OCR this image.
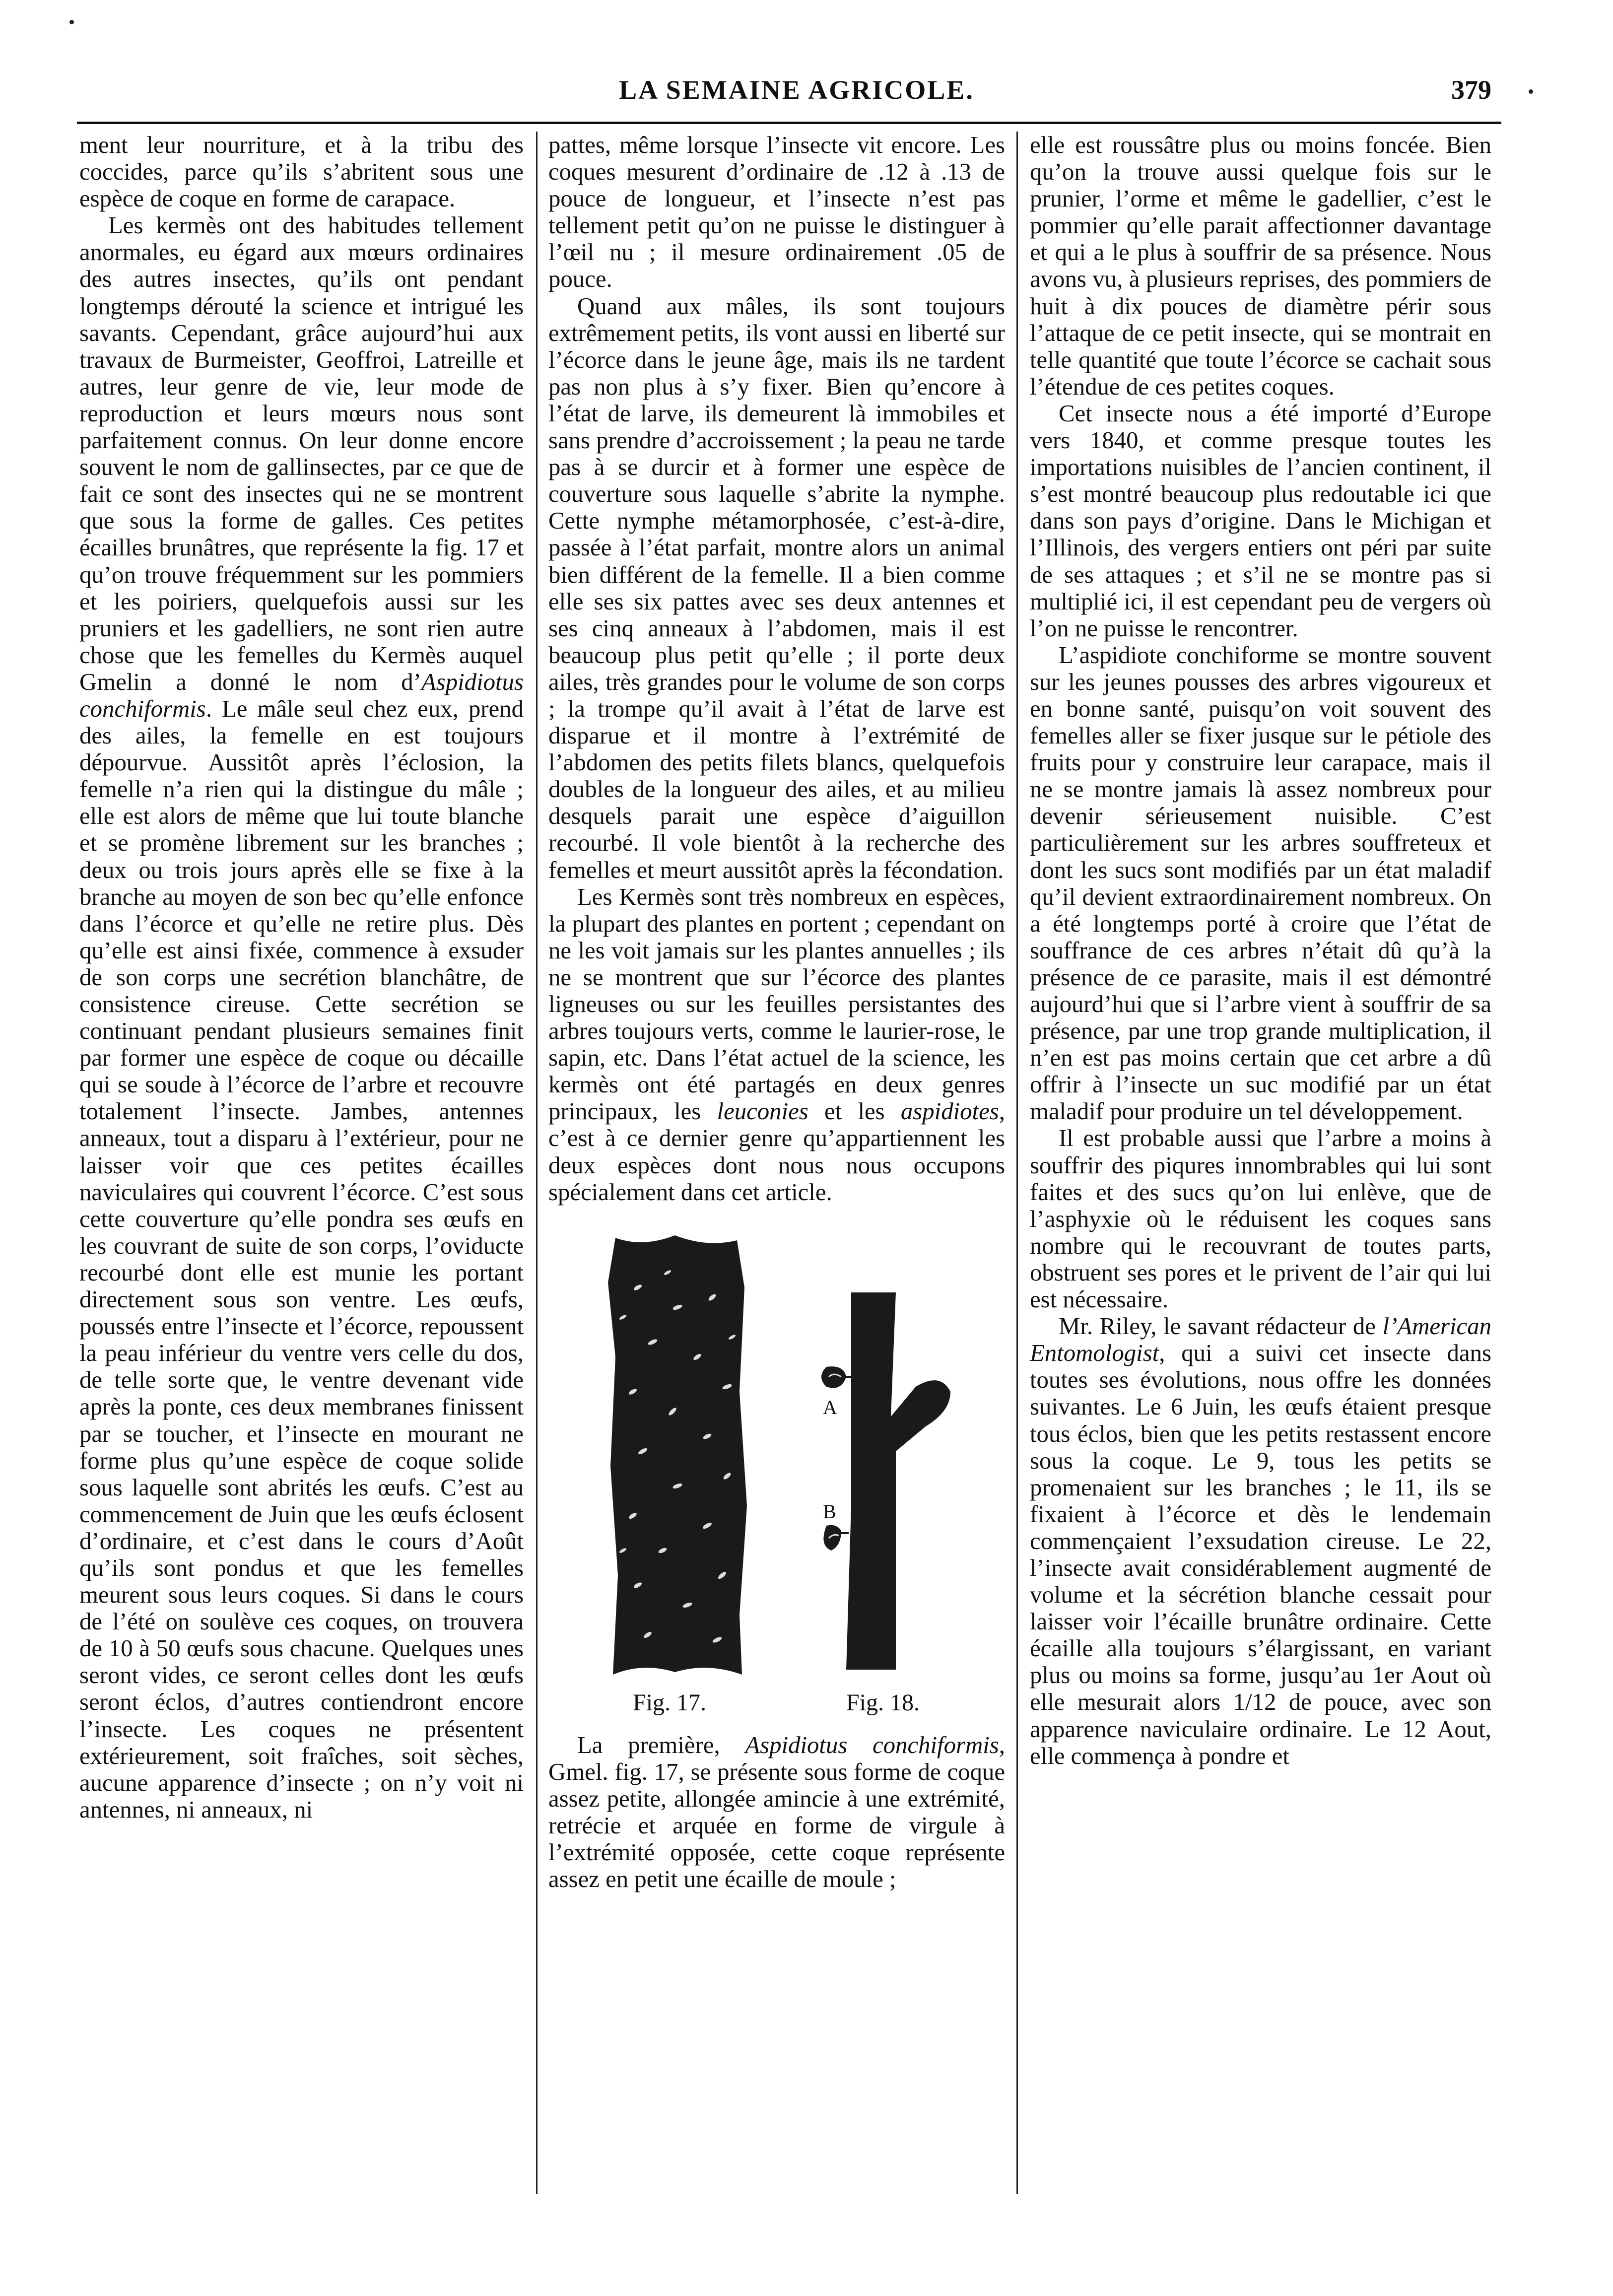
LA SEMAINE AGRICOLE.	379

ment leur nourriture, et à la tribu des coccides, parce qu’ils s’abritent sous une espèce de coque en forme de carapace.

Les kermès ont des habitudes tellement anormales, eu égard aux mœurs ordinaires des autres insectes, qu’ils ont pendant longtemps dérouté la science et intrigué les savants. Cependant, grâce aujourd’hui aux travaux de Burmeister, Geoffroi, Latreille et autres, leur genre de vie, leur mode de reproduction et leurs mœurs nous sont parfaitement connus. On leur donne encore souvent le nom de gallinsectes, par ce que de fait ce sont des insectes qui ne se montrent que sous la forme de galles. Ces petites écailles brunâtres, que représente la fig. 17 et qu’on trouve fréquemment sur les pommiers et les poiriers, quelquefois aussi sur les pruniers et les gadelliers, ne sont rien autre chose que les femelles du Kermès auquel Gmelin a donné le nom d’Aspidiotus conchiformis. Le mâle seul chez eux, prend des ailes, la femelle en est toujours dépourvue. Aussitôt après l’éclosion, la femelle n’a rien qui la distingue du mâle ; elle est alors de même que lui toute blanche et se promène librement sur les branches ; deux ou trois jours après elle se fixe à la branche au moyen de son bec qu’elle enfonce dans l’écorce et qu’elle ne retire plus. Dès qu’elle est ainsi fixée, commence à exsuder de son corps une secrétion blanchâtre, de consistence cireuse. Cette secrétion se continuant pendant plusieurs semaines finit par former une espèce de coque ou décaille qui se soude à l’écorce de l’arbre et recouvre totalement l’insecte. Jambes, antennes anneaux, tout a disparu à l’extérieur, pour ne laisser voir que ces petites écailles naviculaires qui couvrent l’écorce. C’est sous cette couverture qu’elle pondra ses œufs en les couvrant de suite de son corps, l’oviducte recourbé dont elle est munie les portant directement sous son ventre. Les œufs, poussés entre l’insecte et l’écorce, repoussent la peau inférieur du ventre vers celle du dos, de telle sorte que, le ventre devenant vide après la ponte, ces deux membranes finissent par se toucher, et l’insecte en mourant ne forme plus qu’une espèce de coque solide sous laquelle sont abrités les œufs. C’est au commencement de Juin que les œufs éclosent d’ordinaire, et c’est dans le cours d’Août qu’ils sont pondus et que les femelles meurent sous leurs coques. Si dans le cours de l’été on soulève ces coques, on trouvera de 10 à 50 œufs sous chacune. Quelques unes seront vides, ce seront celles dont les œufs seront éclos, d’autres contiendront encore l’insecte. Les coques ne présentent extérieurement, soit fraîches, soit sèches, aucune apparence d’insecte ; on n’y voit ni antennes, ni anneaux, ni

pattes, même lorsque l’insecte vit encore. Les coques mesurent d’ordinaire de .12 à .13 de pouce de longueur, et l’insecte n’est pas tellement petit qu’on ne puisse le distinguer à l’œil nu ; il mesure ordinairement .05 de pouce.

Quand aux mâles, ils sont toujours extrêmement petits, ils vont aussi en liberté sur l’écorce dans le jeune âge, mais ils ne tardent pas non plus à s’y fixer. Bien qu’encore à l’état de larve, ils demeurent là immobiles et sans prendre d’accroissement ; la peau ne tarde pas à se durcir et à former une espèce de couverture sous laquelle s’abrite la nymphe. Cette nymphe métamorphosée, c’est-à-dire, passée à l’état parfait, montre alors un animal bien différent de la femelle. Il a bien comme elle ses six pattes avec ses deux antennes et ses cinq anneaux à l’abdomen, mais il est beaucoup plus petit qu’elle ; il porte deux ailes, très grandes pour le volume de son corps ; la trompe qu’il avait à l’état de larve est disparue et il montre à l’extrémité de l’abdomen des petits filets blancs, quelquefois doubles de la longueur des ailes, et au milieu desquels parait une espèce d’aiguillon recourbé. Il vole bientôt à la recherche des femelles et meurt aussitôt après la fécondation.

Les Kermès sont très nombreux en espèces, la plupart des plantes en portent ; cependant on ne les voit jamais sur les plantes annuelles ; ils ne se montrent que sur l’écorce des plantes ligneuses ou sur les feuilles persistantes des arbres toujours verts, comme le laurier-rose, le sapin, etc. Dans l’état actuel de la science, les kermès ont été partagés en deux genres principaux, les leuconies et les aspidiotes, c’est à ce dernier genre qu’appartiennent les deux espèces dont nous nous occupons spécialement dans cet article.

A
B
Fig. 17.	Fig. 18.

La première, Aspidiotus conchiformis, Gmel. fig. 17, se présente sous forme de coque assez petite, allongée amincie à une extrémité, retrécie et arquée en forme de virgule à l’extrémité opposée, cette coque représente assez en petit une écaille de moule ;

elle est roussâtre plus ou moins foncée. Bien qu’on la trouve aussi quelque fois sur le prunier, l’orme et même le gadellier, c’est le pommier qu’elle parait affectionner davantage et qui a le plus à souffrir de sa présence. Nous avons vu, à plusieurs reprises, des pommiers de huit à dix pouces de diamètre périr sous l’attaque de ce petit insecte, qui se montrait en telle quantité que toute l’écorce se cachait sous l’étendue de ces petites coques.

Cet insecte nous a été importé d’Europe vers 1840, et comme presque toutes les importations nuisibles de l’ancien continent, il s’est montré beaucoup plus redoutable ici que dans son pays d’origine. Dans le Michigan et l’Illinois, des vergers entiers ont péri par suite de ses attaques ; et s’il ne se montre pas si multiplié ici, il est cependant peu de vergers où l’on ne puisse le rencontrer.

L’aspidiote conchiforme se montre souvent sur les jeunes pousses des arbres vigoureux et en bonne santé, puisqu’on voit souvent des femelles aller se fixer jusque sur le pétiole des fruits pour y construire leur carapace, mais il ne se montre jamais là assez nombreux pour devenir sérieusement nuisible. C’est particulièrement sur les arbres souffreteux et dont les sucs sont modifiés par un état maladif qu’il devient extraordinairement nombreux. On a été longtemps porté à croire que l’état de souffrance de ces arbres n’était dû qu’à la présence de ce parasite, mais il est démontré aujourd’hui que si l’arbre vient à souffrir de sa présence, par une trop grande multiplication, il n’en est pas moins certain que cet arbre a dû offrir à l’insecte un suc modifié par un état maladif pour produire un tel développement.

Il est probable aussi que l’arbre a moins à souffrir des piqures innombrables qui lui sont faites et des sucs qu’on lui enlève, que de l’asphyxie où le réduisent les coques sans nombre qui le recouvrant de toutes parts, obstruent ses pores et le privent de l’air qui lui est nécessaire.

Mr. Riley, le savant rédacteur de l’American Entomologist, qui a suivi cet insecte dans toutes ses évolutions, nous offre les données suivantes. Le 6 Juin, les œufs étaient presque tous éclos, bien que les petits restassent encore sous la coque. Le 9, tous les petits se promenaient sur les branches ; le 11, ils se fixaient à l’écorce et dès le lendemain commençaient l’exsudation cireuse. Le 22, l’insecte avait considérablement augmenté de volume et la sécrétion blanche cessait pour laisser voir l’écaille brunâtre ordinaire. Cette écaille alla toujours s’élargissant, en variant plus ou moins sa forme, jusqu’au 1er Aout où elle mesurait alors 1/12 de pouce, avec son apparence naviculaire ordinaire. Le 12 Aout, elle commença à pondre et
